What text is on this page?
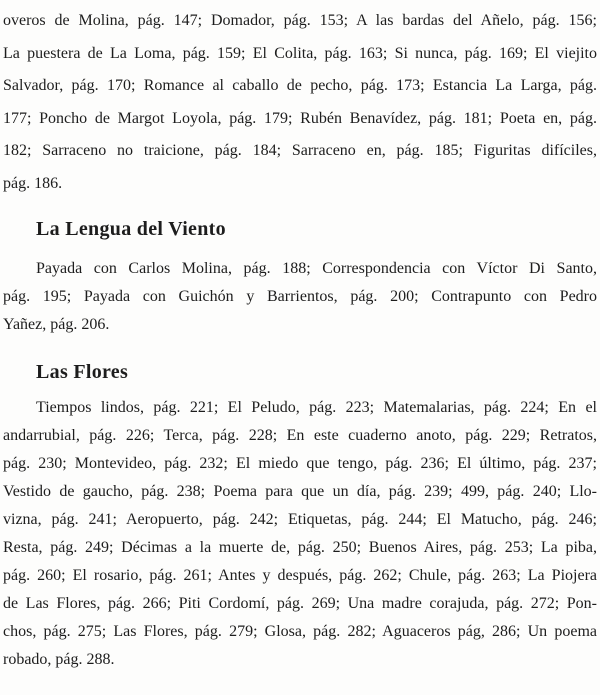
overos de Molina, pág. 147; Domador, pág. 153; A las bardas del Añelo, pág. 156;
La puestera de La Loma, pág. 159; El Colita, pág. 163; Si nunca, pág. 169; El viejito
Salvador, pág. 170; Romance al caballo de pecho, pág. 173; Estancia La Larga, pág.
177; Poncho de Margot Loyola, pág. 179; Rubén Benavídez, pág. 181; Poeta en, pág.
182; Sarraceno no traicione, pág. 184; Sarraceno en, pág. 185; Figuritas difíciles,
pág. 186.
La Lengua del Viento
Payada con Carlos Molina, pág. 188; Correspondencia con Víctor Di Santo,
pág. 195; Payada con Guichón y Barrientos, pág. 200; Contrapunto con Pedro
Yañez, pág. 206.
Las Flores
Tiempos lindos, pág. 221; El Peludo, pág. 223; Matemalarias, pág. 224; En el
andarrubial, pág. 226; Terca, pág. 228; En este cuaderno anoto, pág. 229; Retratos,
pág. 230; Montevideo, pág. 232; El miedo que tengo, pág. 236; El último, pág. 237;
Vestido de gaucho, pág. 238; Poema para que un día, pág. 239; 499, pág. 240; Llo-
vizna, pág. 241; Aeropuerto, pág. 242; Etiquetas, pág. 244; El Matucho, pág. 246;
Resta, pág. 249; Décimas a la muerte de, pág. 250; Buenos Aires, pág. 253; La piba,
pág. 260; El rosario, pág. 261; Antes y después, pág. 262; Chule, pág. 263; La Piojera
de Las Flores, pág. 266; Piti Cordomí, pág. 269; Una madre corajuda, pág. 272; Pon-
chos, pág. 275; Las Flores, pág. 279; Glosa, pág. 282; Aguaceros pág, 286; Un poema
robado, pág. 288.
